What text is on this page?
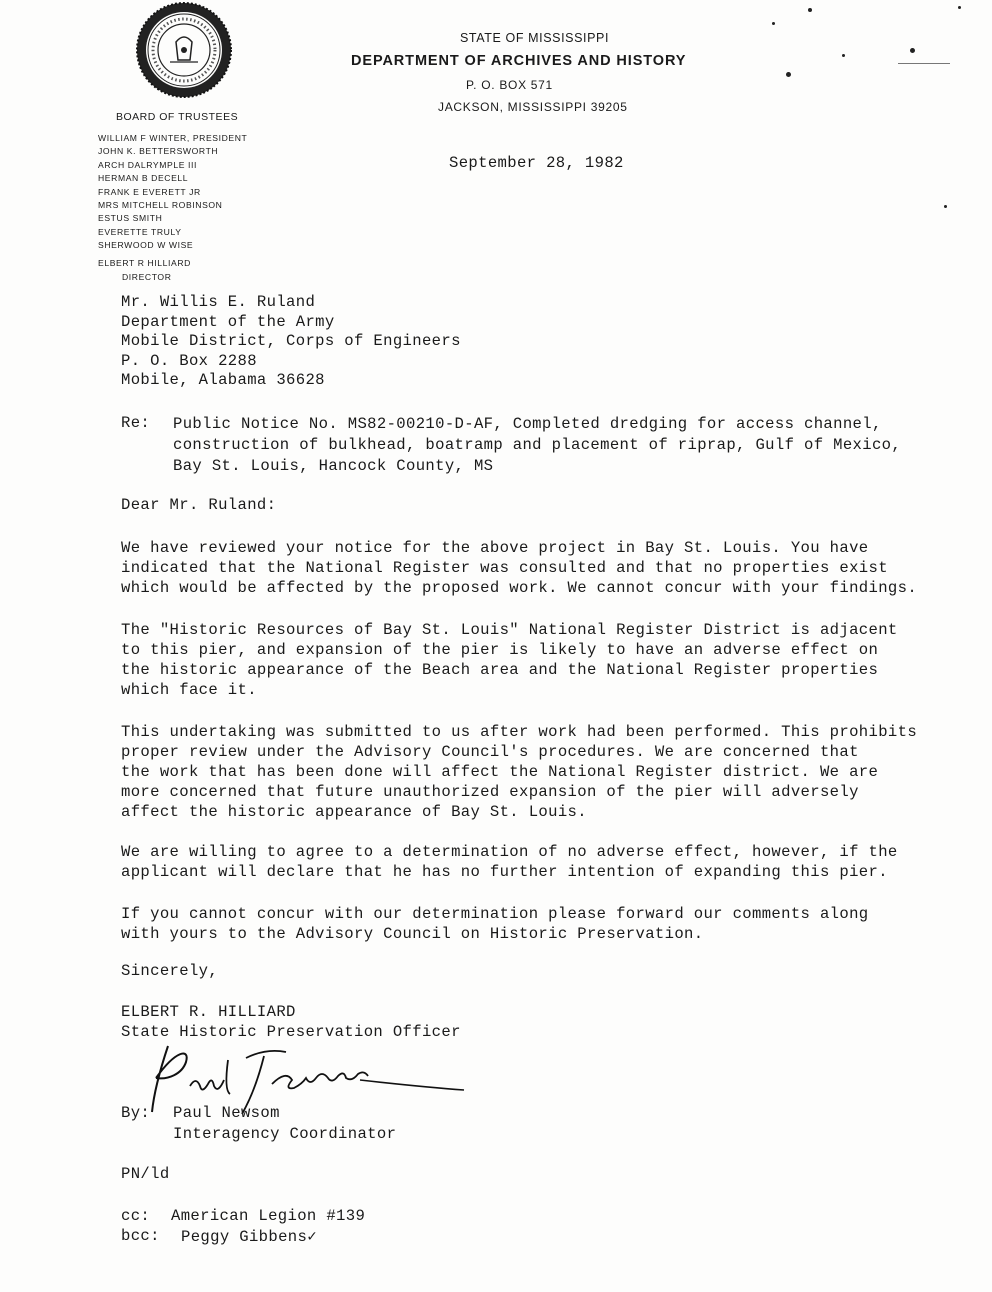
STATE OF MISSISSIPPI
DEPARTMENT OF ARCHIVES AND HISTORY
P. O. BOX 571
JACKSON, MISSISSIPPI 39205
BOARD OF TRUSTEES
WILLIAM F WINTER, PRESIDENT
JOHN K. BETTERSWORTH
ARCH DALRYMPLE III
HERMAN B DECELL
FRANK E EVERETT JR
MRS MITCHELL ROBINSON
ESTUS SMITH
EVERETTE TRULY
SHERWOOD W WISE
ELBERT R HILLIARD
DIRECTOR
September 28, 1982
Mr. Willis E. Ruland
Department of the Army
Mobile District, Corps of Engineers
P. O. Box 2288
Mobile, Alabama 36628
Re: Public Notice No. MS82-00210-D-AF, Completed dredging for access channel,
construction of bulkhead, boatramp and placement of riprap, Gulf of Mexico,
Bay St. Louis, Hancock County, MS
Dear Mr. Ruland:
We have reviewed your notice for the above project in Bay St. Louis. You have
indicated that the National Register was consulted and that no properties exist
which would be affected by the proposed work. We cannot concur with your findings.
The "Historic Resources of Bay St. Louis" National Register District is adjacent
to this pier, and expansion of the pier is likely to have an adverse effect on
the historic appearance of the Beach area and the National Register properties
which face it.
This undertaking was submitted to us after work had been performed. This prohibits
proper review under the Advisory Council's procedures. We are concerned that
the work that has been done will affect the National Register district. We are
more concerned that future unauthorized expansion of the pier will adversely
affect the historic appearance of Bay St. Louis.
We are willing to agree to a determination of no adverse effect, however, if the
applicant will declare that he has no further intention of expanding this pier.
If you cannot concur with our determination please forward our comments along
with yours to the Advisory Council on Historic Preservation.
Sincerely,
ELBERT R. HILLIARD
State Historic Preservation Officer
By: Paul Newsom
Interagency Coordinator
PN/ld
cc: American Legion #139
bcc: Peggy Gibbens✓
